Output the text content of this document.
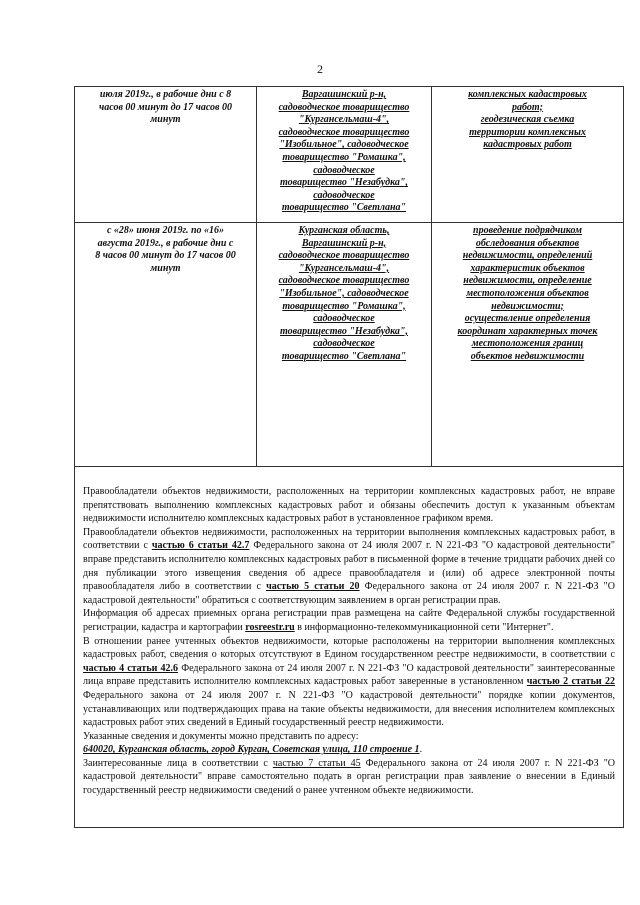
2
июля 2019г., в рабочие дни с 8
часов 00 минут до 17 часов 00
минут
Варгашинский р-н,
садоводческое товарищество
"Кургансельмаш-4",
садоводческое товарищество
"Изобильное", садоводческое
товарищество "Ромашка",
садоводческое
товарищество "Незабудка",
садоводческое
товарищество "Светлана"
комплексных кадастровых
работ;
геодезическая съемка
территории комплексных
кадастровых работ
с «28» июня 2019г. по «16»
августа 2019г., в рабочие дни с
8 часов 00 минут до 17 часов 00
минут
Курганская область,
Варгашинский р-н,
садоводческое товарищество
"Кургансельмаш-4",
садоводческое товарищество
"Изобильное", садоводческое
товарищество "Ромашка",
садоводческое
товарищество "Незабудка",
садоводческое
товарищество "Светлана"
проведение подрядчиком
обследования объектов
недвижимости, определений
характеристик объектов
недвижимости, определение
местоположения объектов
недвижимости;
осуществление определения
координат характерных точек
местоположения границ
объектов недвижимости

Правообладатели объектов недвижимости, расположенных на территории комплексных кадастровых работ, не вправе препятствовать выполнению комплексных кадастровых работ и обязаны обеспечить доступ к указанным объектам недвижимости исполнителю комплексных кадастровых работ в установленное графиком время.

Правообладатели объектов недвижимости, расположенных на территории выполнения комплексных кадастровых работ, в соответствии с частью 6 статьи 42.7 Федерального закона от 24 июля 2007 г. N 221-ФЗ "О кадастровой деятельности" вправе представить исполнителю комплексных кадастровых работ в письменной форме в течение тридцати рабочих дней со дня публикации этого извещения сведения об адресе правообладателя и (или) об адресе электронной почты правообладателя либо в соответствии с частью 5 статьи 20 Федерального закона от 24 июля 2007 г. N 221-ФЗ "О кадастровой деятельности" обратиться с соответствующим заявлением в орган регистрации прав.

Информация об адресах приемных органа регистрации прав размещена на сайте Федеральной службы государственной регистрации, кадастра и картографии rosreestr.ru в информационно-телекоммуникационной сети "Интернет".

В отношении ранее учтенных объектов недвижимости, которые расположены на территории выполнения комплексных кадастровых работ, сведения о которых отсутствуют в Едином государственном реестре недвижимости, в соответствии с частью 4 статьи 42.6 Федерального закона от 24 июля 2007 г. N 221-ФЗ "О кадастровой деятельности" заинтересованные лица вправе представить исполнителю комплексных кадастровых работ заверенные в установленном частью 2 статьи 22 Федерального закона от 24 июля 2007 г. N 221-ФЗ "О кадастровой деятельности" порядке копии документов, устанавливающих или подтверждающих права на такие объекты недвижимости, для внесения исполнителем комплексных кадастровых работ этих сведений в Единый государственный реестр недвижимости.

Указанные сведения и документы можно представить по адресу:

640020, Курганская область, город Курган, Советская улица, 110 строение 1.

Заинтересованные лица в соответствии с частью 7 статьи 45 Федерального закона от 24 июля 2007 г. N 221-ФЗ "О кадастровой деятельности" вправе самостоятельно подать в орган регистрации прав заявление о внесении в Единый государственный реестр недвижимости сведений о ранее учтенном объекте недвижимости.
